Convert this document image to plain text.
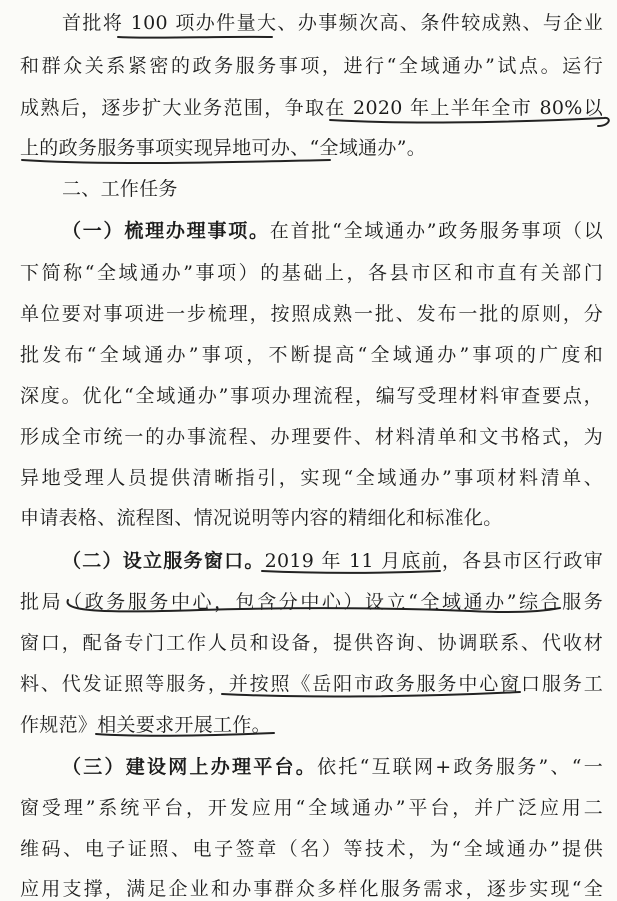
首批将 100 项办件量大、办事频次高、条件较成熟、与企业
和群众关系紧密的政务服务事项，进行“全域通办”试点。运行
成熟后，逐步扩大业务范围，争取在 2020 年上半年全市 80%以
上的政务服务事项实现异地可办、“全域通办”。
二、工作任务
（一）梳理办理事项。在首批“全域通办”政务服务事项（以
下简称“全域通办”事项）的基础上，各县市区和市直有关部门
单位要对事项进一步梳理，按照成熟一批、发布一批的原则，分
批发布“全域通办”事项，不断提高“全域通办”事项的广度和
深度。优化“全域通办”事项办理流程，编写受理材料审查要点，
形成全市统一的办事流程、办理要件、材料清单和文书格式，为
异地受理人员提供清晰指引，实现“全域通办”事项材料清单、
申请表格、流程图、情况说明等内容的精细化和标准化。
（二）设立服务窗口。2019 年 11 月底前，各县市区行政审
批局（政务服务中心，包含分中心）设立“全域通办”综合服务
窗口，配备专门工作人员和设备，提供咨询、协调联系、代收材
料、代发证照等服务，并按照《岳阳市政务服务中心窗口服务工
作规范》相关要求开展工作。
（三）建设网上办理平台。依托“互联网+政务服务”、“一
窗受理”系统平台，开发应用“全域通办”平台，并广泛应用二
维码、电子证照、电子签章（名）等技术，为“全域通办”提供
应用支撑，满足企业和办事群众多样化服务需求，逐步实现“全
